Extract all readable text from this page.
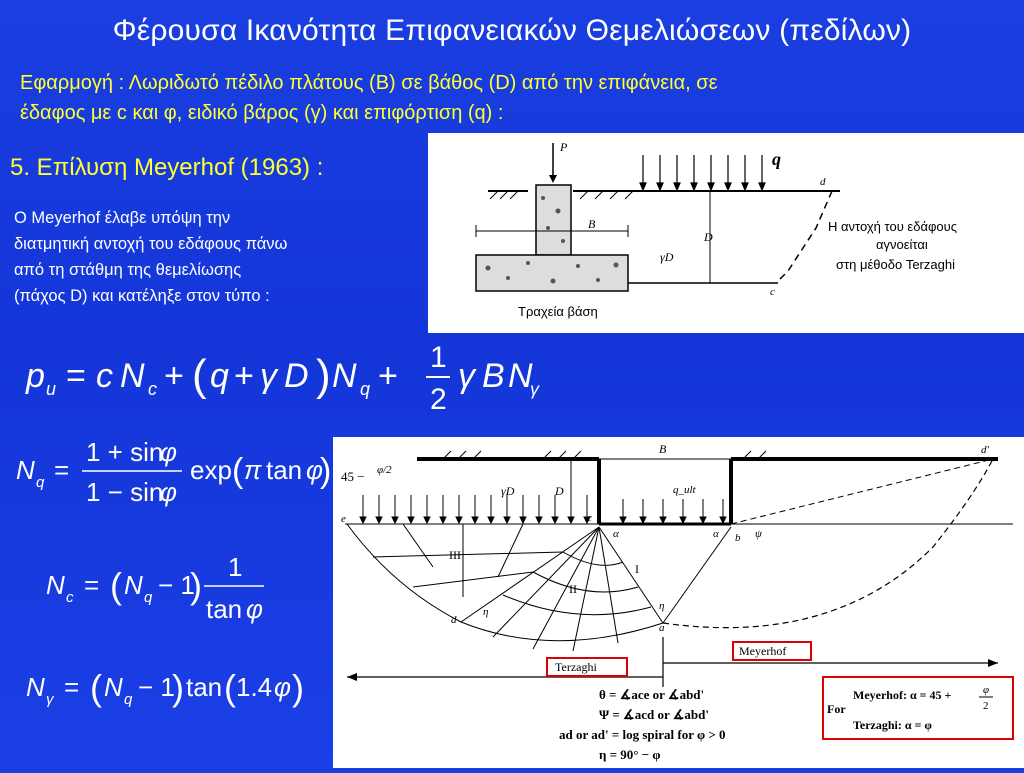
Φέρουσα Ικανότητα Επιφανειακών Θεμελιώσεων (πεδίλων)
Εφαρμογή : Λωριδωτό πέδιλο πλάτους (Β) σε βάθος (D) από την επιφάνεια, σε
έδαφος με c και φ, ειδικό βάρος (γ) και επιφόρτιση (q) :
5. Επίλυση Meyerhof (1963) :
Ο Meyerhof έλαβε υπόψη την
διατμητική αντοχή του εδάφους πάνω
από τη στάθμη της θεμελίωσης
(πάχος D) και κατέληξε στον τύπο :
P
q
d
c
B
D
γD
Η αντοχή του εδάφους
αγνοείται
στη μέθοδο Terzaghi
Τραχεία βάση
p u = c N c + ( q + γ D ) N q + 1
2
γ B N
γ
N q =
1 + sin
φ
1 − sin
φ
exp ( π tan φ
)
N c = ( N q − 1
) 1
tan φ
N γ = ( N q − 1
) tan ( 1.4 φ )
B
D
γD	q_ult
45 − φ/2
e	c
b
a
d
d'
α	α	ψ
η
η
III
II
I
Terzaghi
Meyerhof
θ = ∡ace or ∡abd'
Ψ = ∡acd or ∡abd'
ad or ad' = log spiral for φ > 0
η = 90° − φ
For
Meyerhof: α = 45 +	φ
2
Terzaghi: α = φ
